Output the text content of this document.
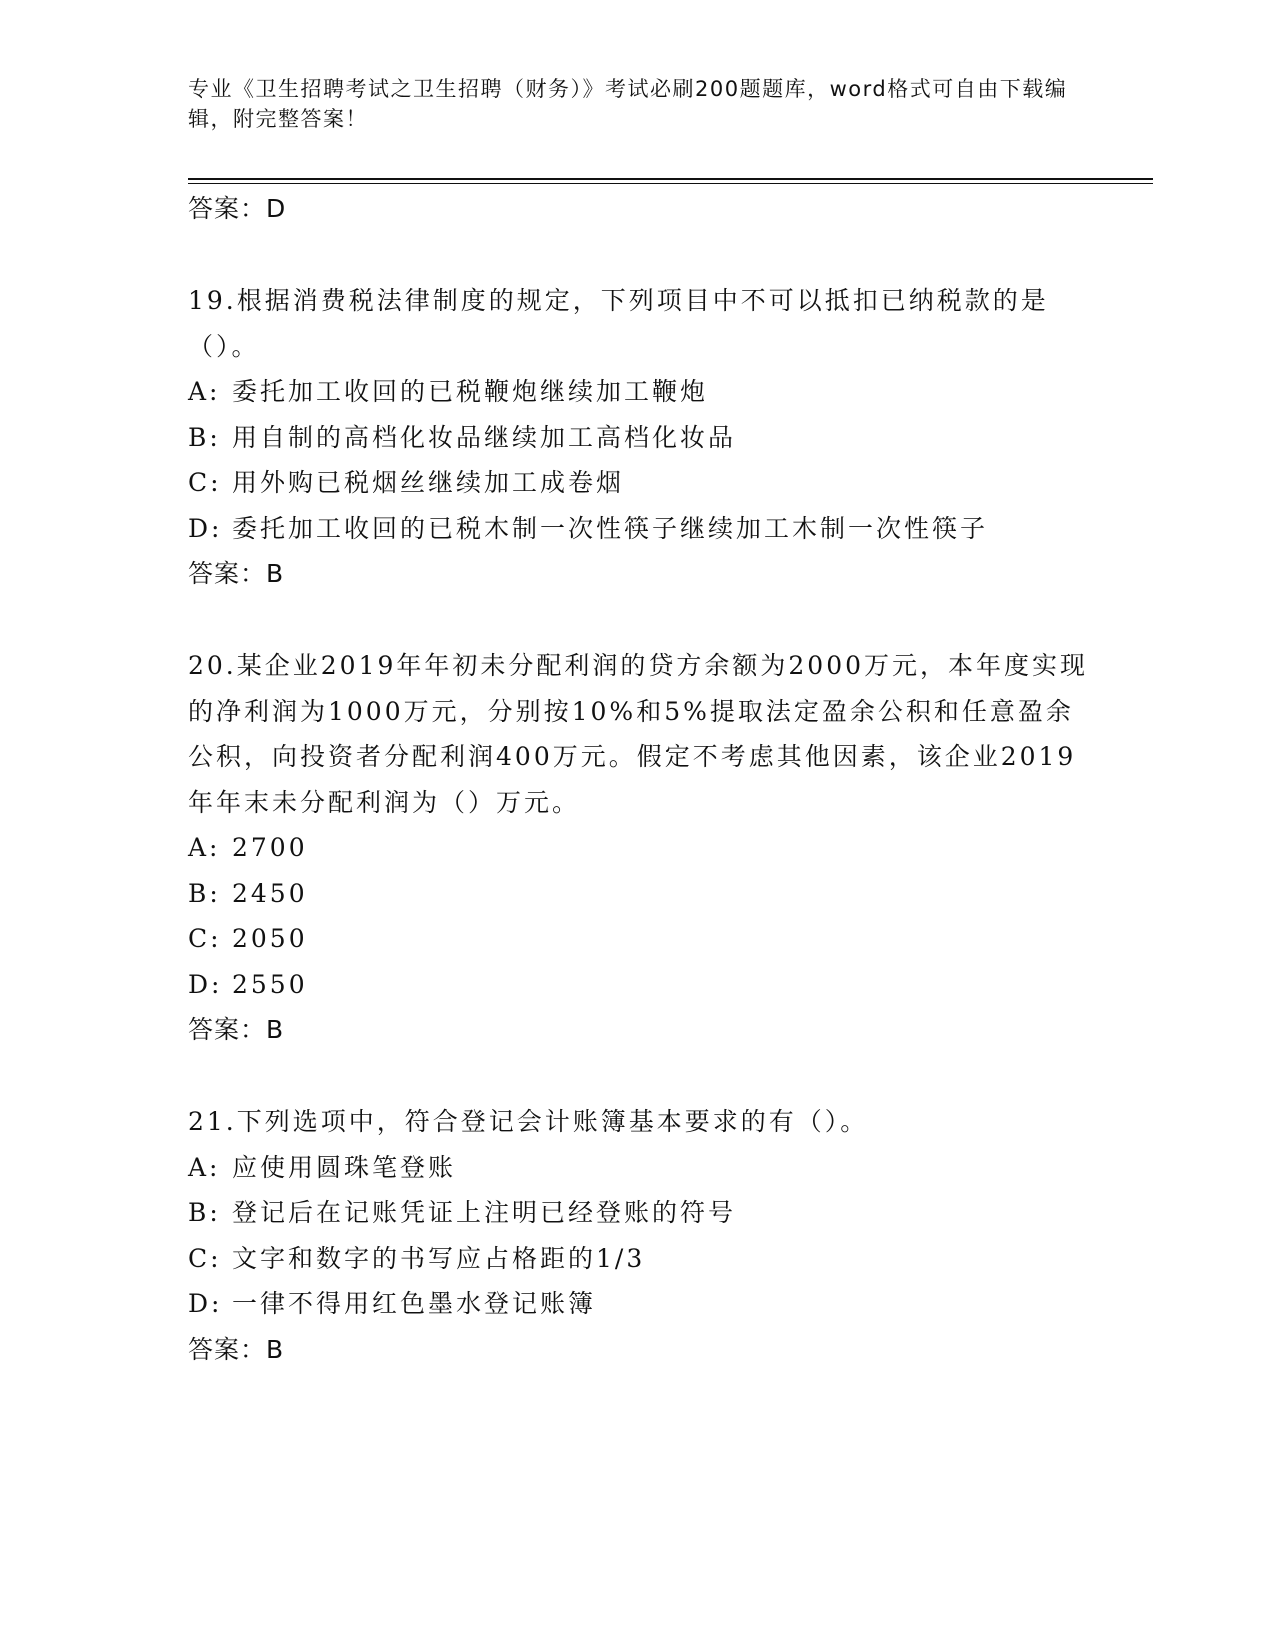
专业《卫生招聘考试之卫生招聘（财务）》考试必刷200题题库，word格式可自由下载编辑，附完整答案！
答案：D
19.根据消费税法律制度的规定，下列项目中不可以抵扣已纳税款的是（）。
A: 委托加工收回的已税鞭炮继续加工鞭炮
B: 用自制的高档化妆品继续加工高档化妆品
C: 用外购已税烟丝继续加工成卷烟
D: 委托加工收回的已税木制一次性筷子继续加工木制一次性筷子
答案：B
20.某企业2019年年初未分配利润的贷方余额为2000万元，本年度实现的净利润为1000万元，分别按10%和5%提取法定盈余公积和任意盈余公积，向投资者分配利润400万元。假定不考虑其他因素，该企业2019年年末未分配利润为（）万元。
A: 2700
B: 2450
C: 2050
D: 2550
答案：B
21.下列选项中，符合登记会计账簿基本要求的有（）。
A: 应使用圆珠笔登账
B: 登记后在记账凭证上注明已经登账的符号
C: 文字和数字的书写应占格距的1/3
D: 一律不得用红色墨水登记账簿
答案：B
